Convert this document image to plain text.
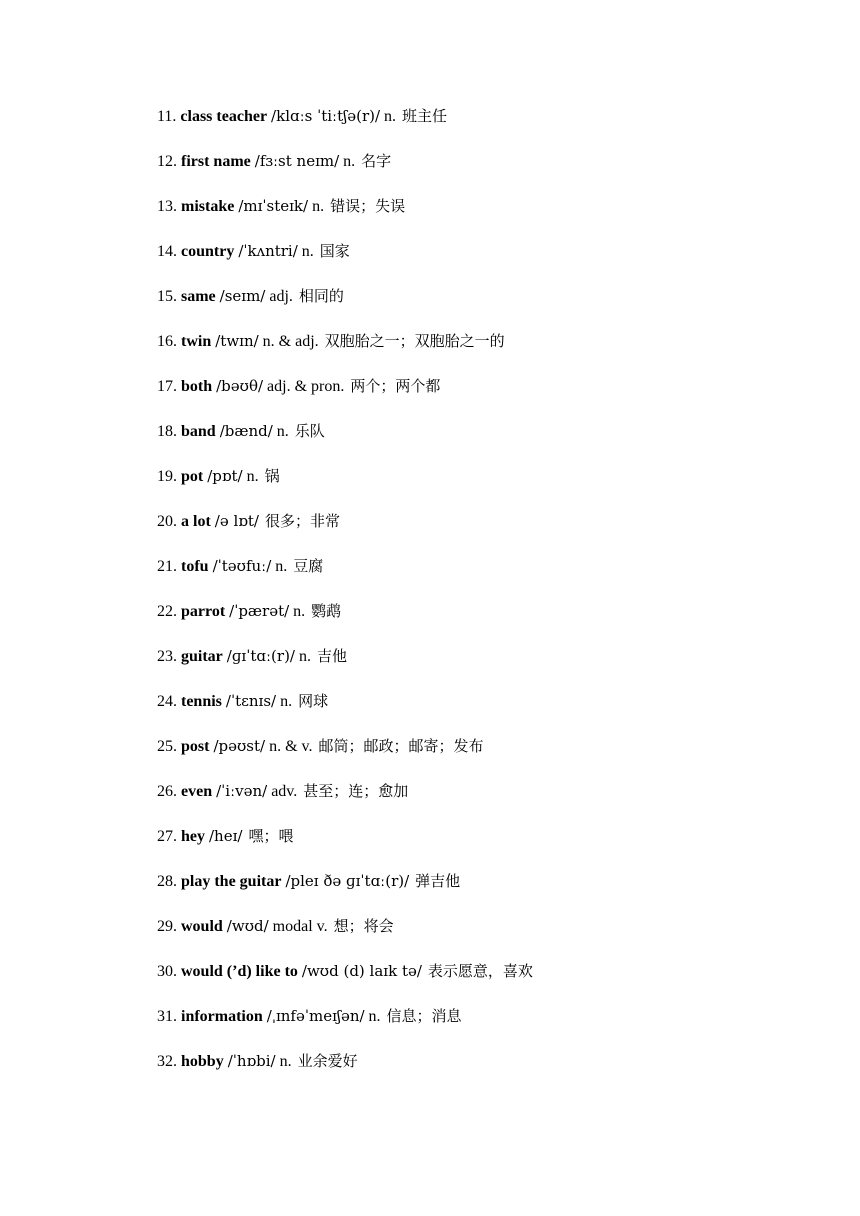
11. class teacher /klɑːs ˈtiːtʃə(r)/ n. 班主任
12. first name /fɜːst neɪm/ n. 名字
13. mistake /mɪˈsteɪk/ n. 错误；失误
14. country /ˈkʌntri/ n. 国家
15. same /seɪm/ adj. 相同的
16. twin /twɪn/ n. & adj. 双胞胎之一；双胞胎之一的
17. both /bəʊθ/ adj. & pron. 两个；两个都
18. band /bænd/ n. 乐队
19. pot /pɒt/ n. 锅
20. a lot /ə lɒt/ 很多；非常
21. tofu /ˈtəʊfuː/ n. 豆腐
22. parrot /ˈpærət/ n. 鹦鹉
23. guitar /ɡɪˈtɑː(r)/ n. 吉他
24. tennis /ˈtɛnɪs/ n. 网球
25. post /pəʊst/ n. & v. 邮筒；邮政；邮寄；发布
26. even /ˈiːvən/ adv. 甚至；连；愈加
27. hey /heɪ/ 嘿；喂
28. play the guitar /pleɪ ðə ɡɪˈtɑː(r)/ 弹吉他
29. would /wʊd/ modal v. 想；将会
30. would (’d) like to /wʊd (d) laɪk tə/ 表示愿意，喜欢
31. information /ˌɪnfəˈmeɪʃən/ n. 信息；消息
32. hobby /ˈhɒbi/ n. 业余爱好
